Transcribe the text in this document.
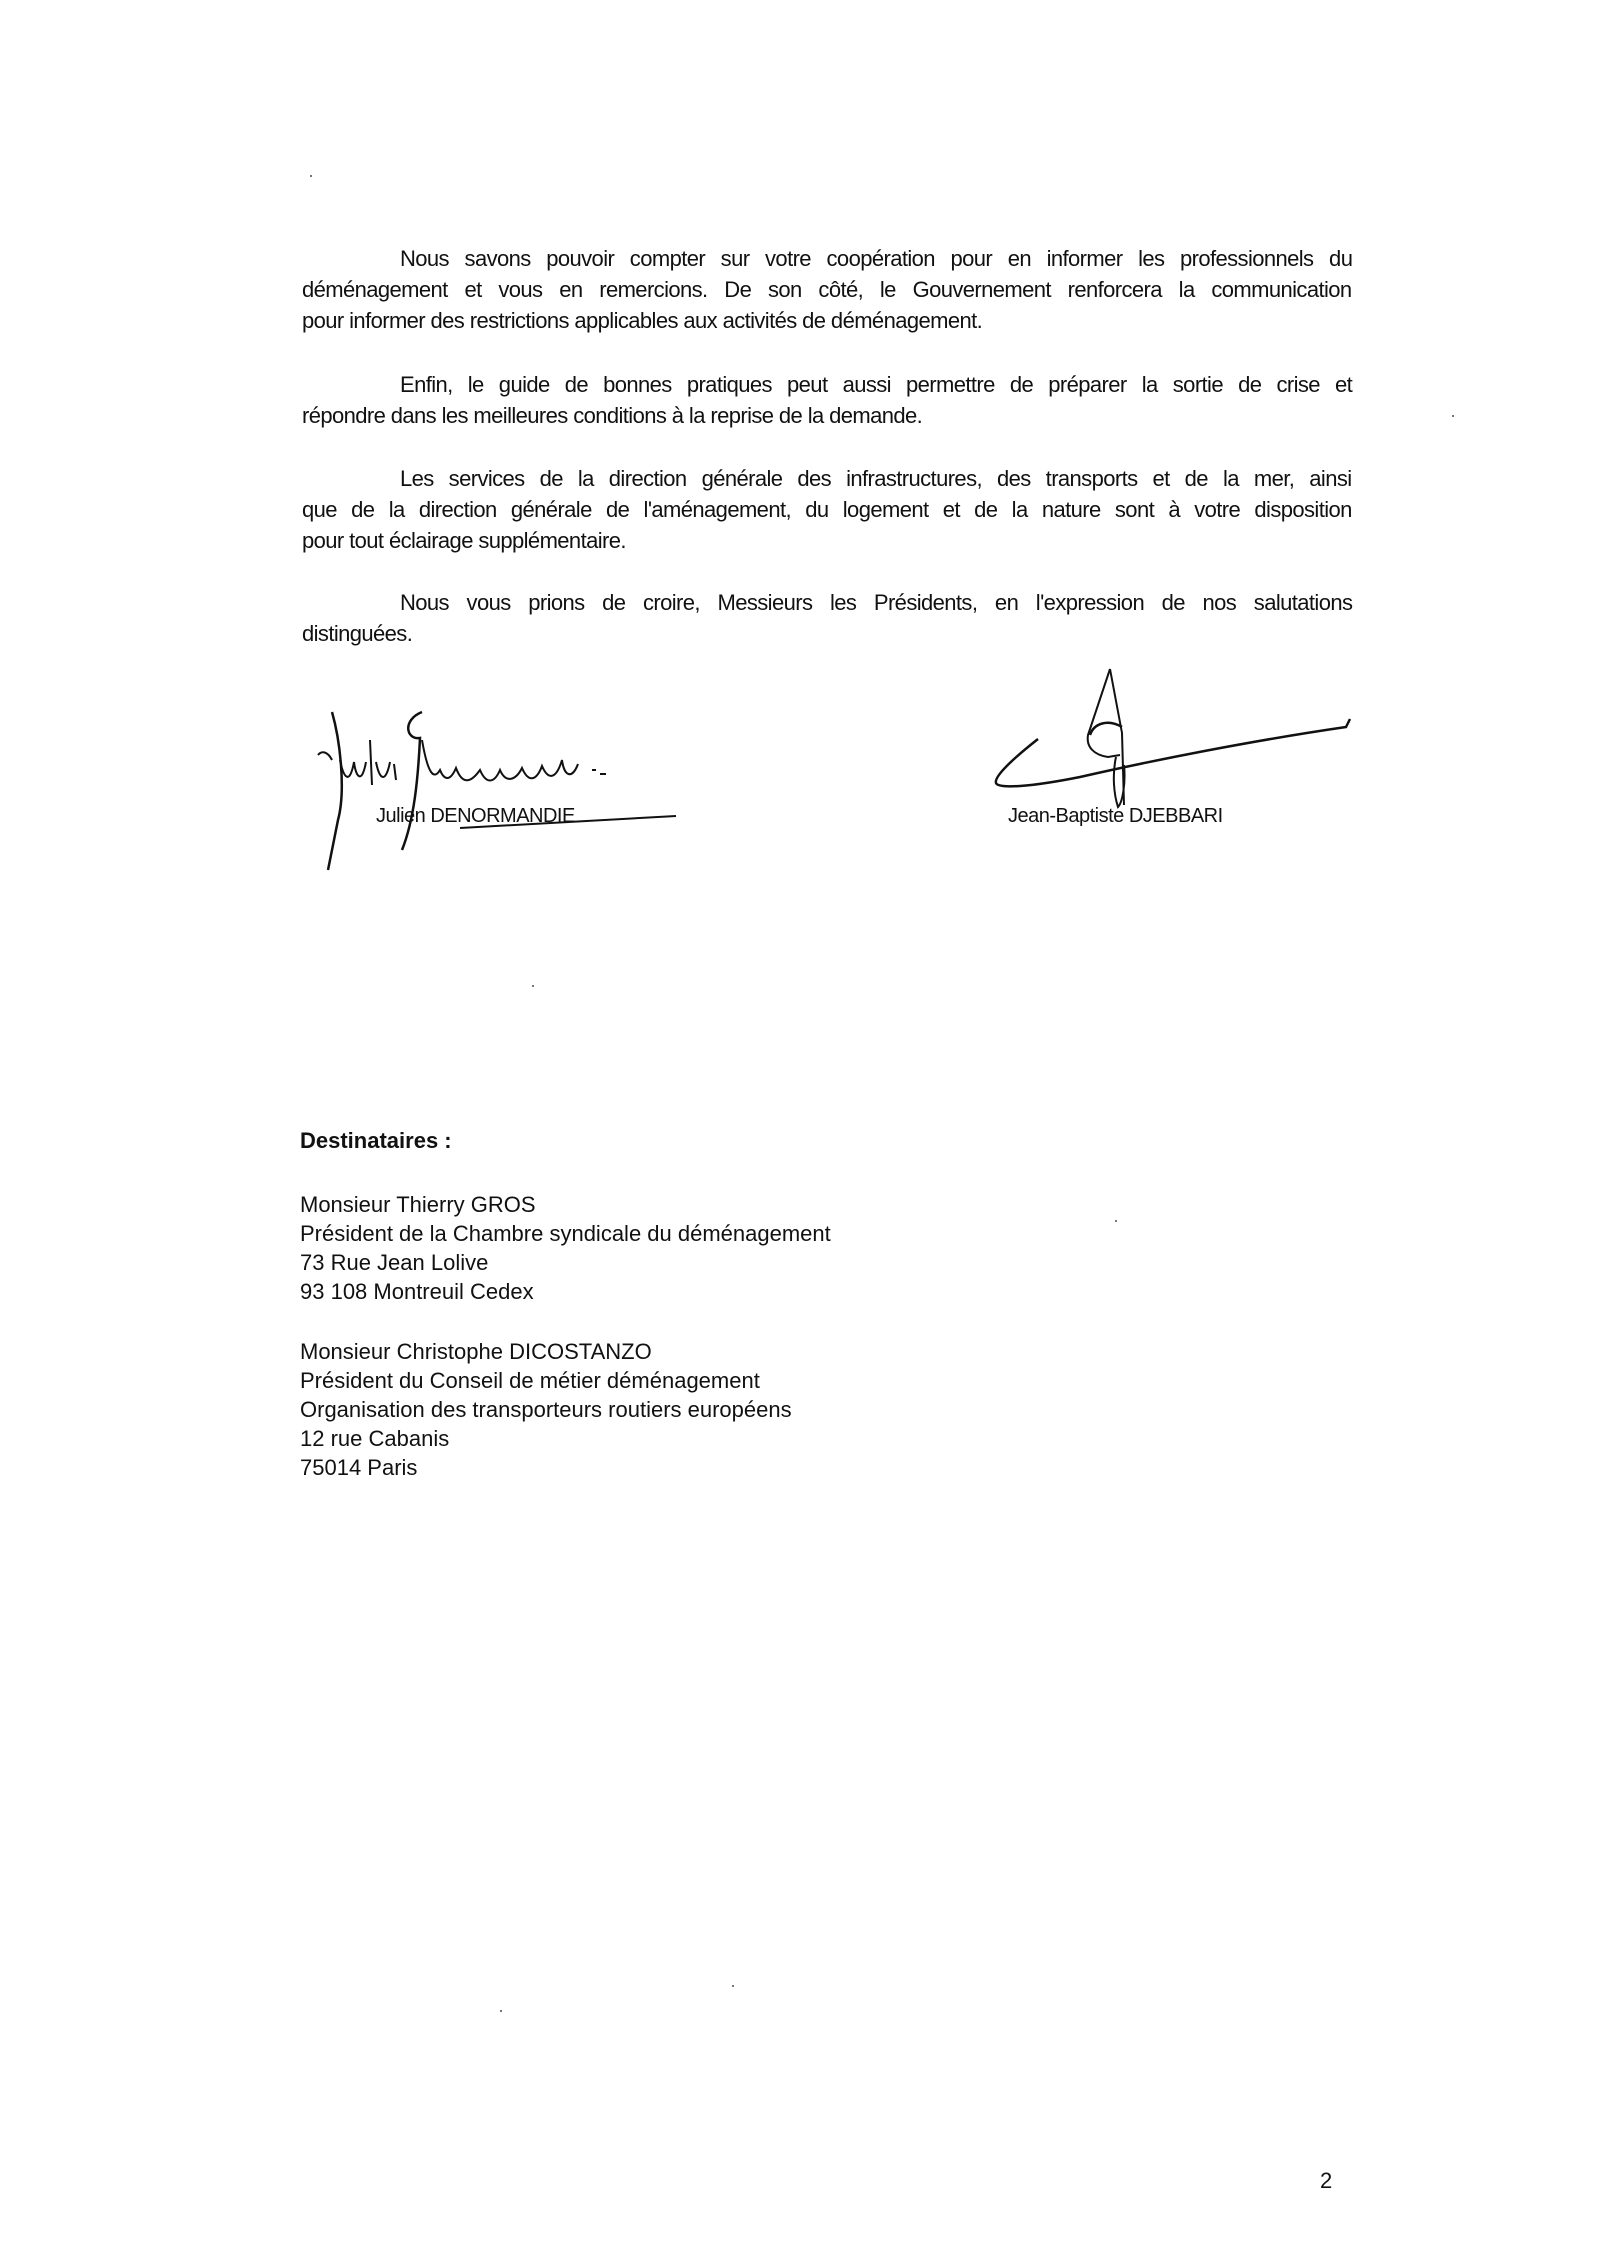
Nous savons pouvoir compter sur votre coopération pour en informer les professionnels du
déménagement et vous en remercions. De son côté, le Gouvernement renforcera la communication
pour informer des restrictions applicables aux activités de déménagement.
Enfin, le guide de bonnes pratiques peut aussi permettre de préparer la sortie de crise et
répondre dans les meilleures conditions à la reprise de la demande.
Les services de la direction générale des infrastructures, des transports et de la mer, ainsi
que de la direction générale de l'aménagement, du logement et de la nature sont à votre disposition
pour tout éclairage supplémentaire.
Nous vous prions de croire, Messieurs les Présidents, en l'expression de nos salutations
distinguées.
Julien DENORMANDIE	Jean-Baptiste DJEBBARI
Destinataires :
Monsieur Thierry GROS
Président de la Chambre syndicale du déménagement
73 Rue Jean Lolive
93 108 Montreuil Cedex
Monsieur Christophe DICOSTANZO
Président du Conseil de métier déménagement
Organisation des transporteurs routiers européens
12 rue Cabanis
75014 Paris
2
